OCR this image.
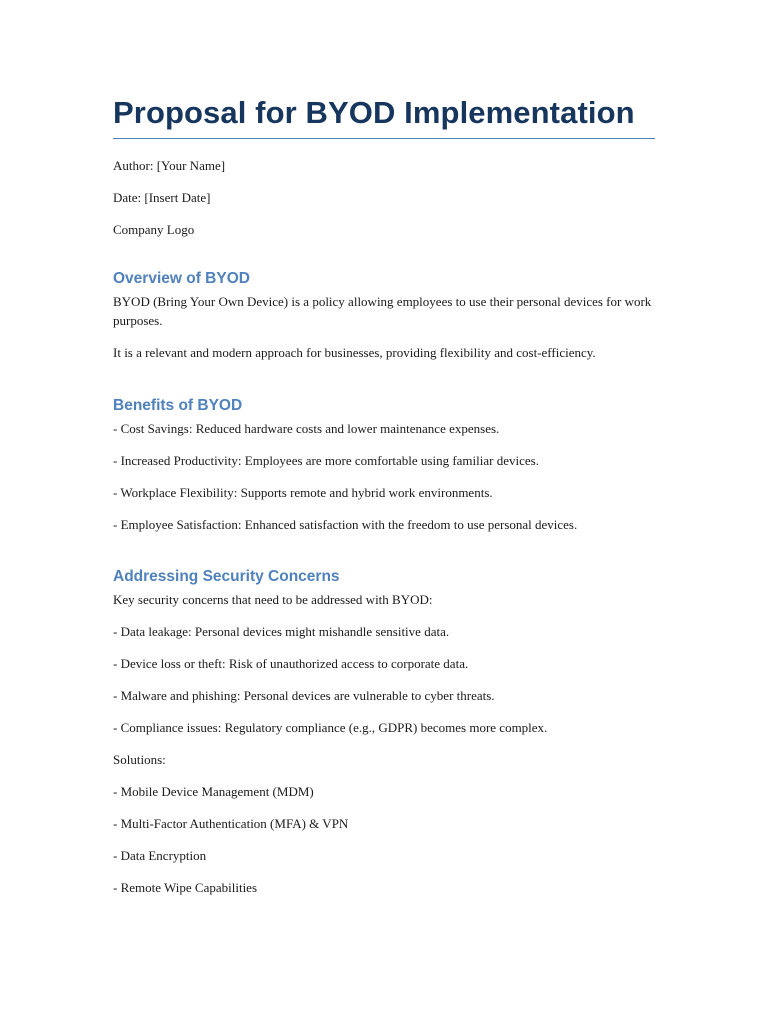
Proposal for BYOD Implementation

Author: [Your Name]

Date: [Insert Date]

Company Logo

Overview of BYOD

BYOD (Bring Your Own Device) is a policy allowing employees to use their personal devices for work purposes.

It is a relevant and modern approach for businesses, providing flexibility and cost-efficiency.

Benefits of BYOD

- Cost Savings: Reduced hardware costs and lower maintenance expenses.

- Increased Productivity: Employees are more comfortable using familiar devices.

- Workplace Flexibility: Supports remote and hybrid work environments.

- Employee Satisfaction: Enhanced satisfaction with the freedom to use personal devices.

Addressing Security Concerns

Key security concerns that need to be addressed with BYOD:

- Data leakage: Personal devices might mishandle sensitive data.

- Device loss or theft: Risk of unauthorized access to corporate data.

- Malware and phishing: Personal devices are vulnerable to cyber threats.

- Compliance issues: Regulatory compliance (e.g., GDPR) becomes more complex.

Solutions:

- Mobile Device Management (MDM)

- Multi-Factor Authentication (MFA) & VPN

- Data Encryption

- Remote Wipe Capabilities
